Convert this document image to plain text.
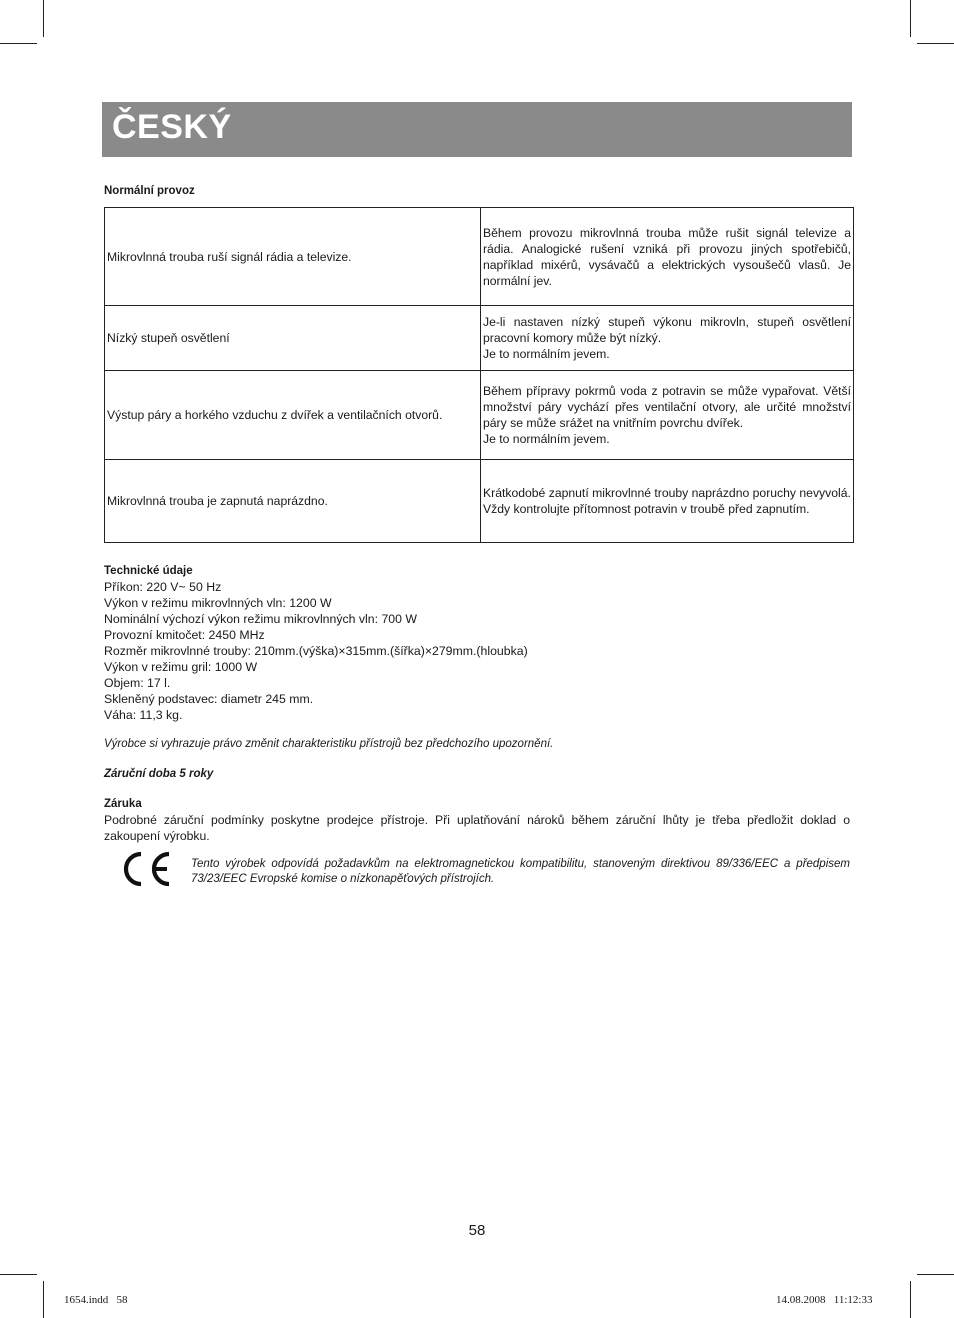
ČESKÝ
Normální provoz
Mikrovlnná trouba ruší signál rádia a televize.	Během provozu mikrovlnná trouba může rušit signál televize a rádia. Analogické rušení vzniká při provozu jiných spotřebičů, například mixérů, vysávačů a elektrických vysoušečů vlasů. Je normální jev.
Nízký stupeň osvětlení	Je-li nastaven nízký stupeň výkonu mikrovln, stupeň osvětlení pracovní komory může být nízký.
Je to normálním jevem.
Výstup páry a horkého vzduchu z dvířek a ventilačních otvorů.	Během přípravy pokrmů voda z potravin se může vypařovat. Větší množství páry vychází přes ventilační otvory, ale určité množství páry se může srážet na vnitřním povrchu dvířek.
Je to normálním jevem.
Mikrovlnná trouba je zapnutá naprázdno.	Krátkodobé zapnutí mikrovlnné trouby naprázdno poruchy nevyvolá.
Vždy kontrolujte přítomnost potravin v troubě před zapnutím.
Technické údaje
Příkon: 220 V~ 50 Hz
Výkon v režimu mikrovlnných vln: 1200 W
Nominální výchozí výkon režimu mikrovlnných vln: 700 W
Provozní kmitočet: 2450 MHz
Rozměr mikrovlnné trouby: 210mm.(výška)×315mm.(šířka)×279mm.(hloubka)
Výkon v režimu gril: 1000 W
Objem: 17 l.
Skleněný podstavec: diametr 245 mm.
Váha: 11,3 kg.
Výrobce si vyhrazuje právo změnit charakteristiku přístrojů bez předchozího upozornění.
Záruční doba 5 roky
Záruka
Podrobné záruční podmínky poskytne prodejce přístroje. Při uplatňování nároků během záruční lhůty je třeba předložit doklad o zakoupení výrobku.
Tento výrobek odpovídá požadavkům na elektromagnetickou kompatibilitu, stanoveným direktivou 89/336/EEC a předpisem 73/23/EEC Evropské komise o nízkonapěťových přístrojích.
58
1654.indd   58	14.08.2008   11:12:33
